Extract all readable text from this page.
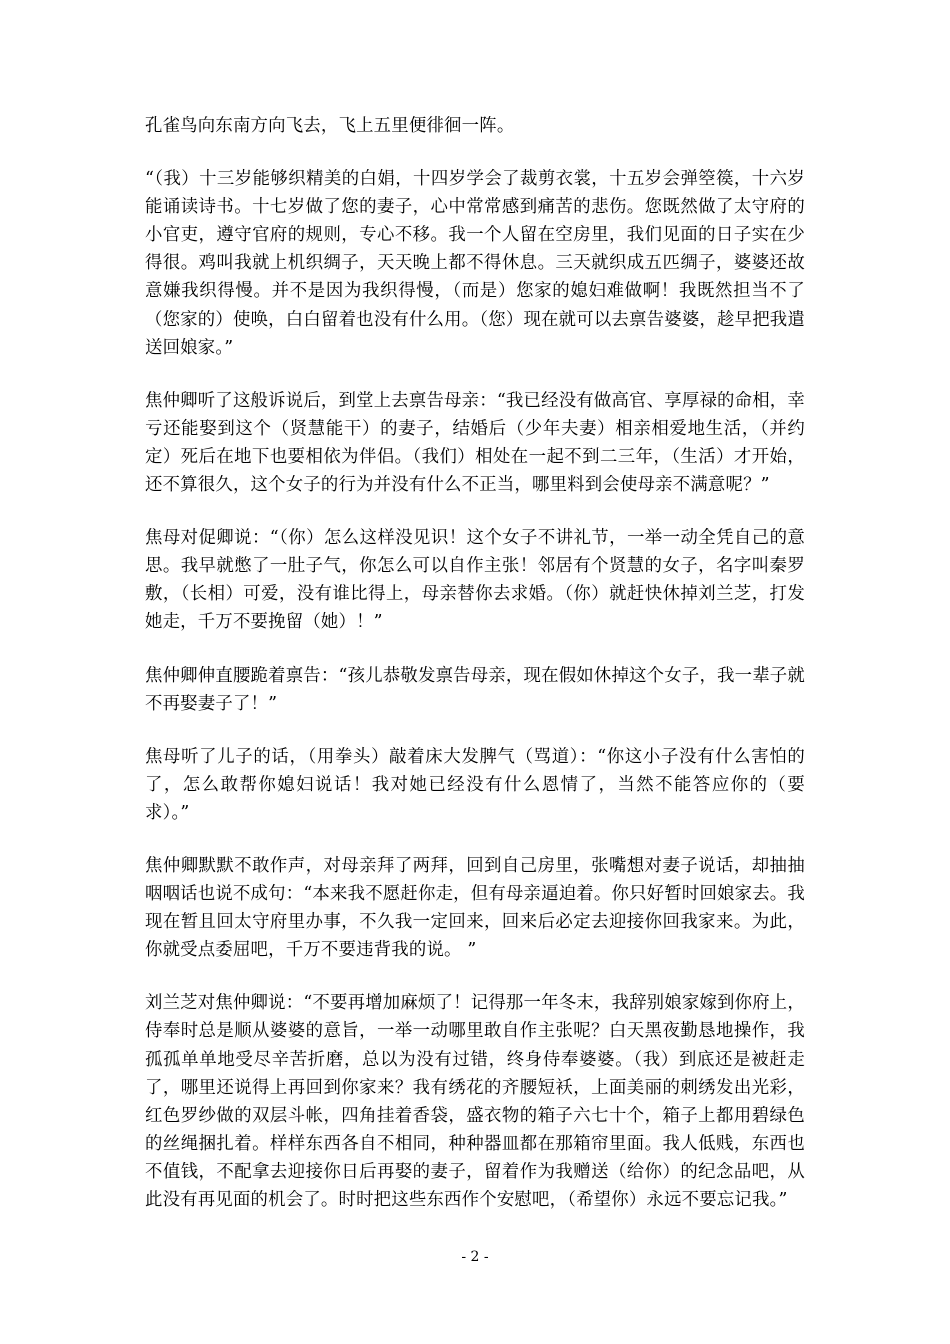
孔雀鸟向东南方向飞去，飞上五里便徘徊一阵。

“（我）十三岁能够织精美的白娟，十四岁学会了裁剪衣裳，十五岁会弹箜篌，十六岁能诵读诗书。十七岁做了您的妻子，心中常常感到痛苦的悲伤。您既然做了太守府的小官吏，遵守官府的规则，专心不移。我一个人留在空房里，我们见面的日子实在少得很。鸡叫我就上机织绸子，天天晚上都不得休息。三天就织成五匹绸子，婆婆还故意嫌我织得慢。并不是因为我织得慢，（而是）您家的媳妇难做啊！我既然担当不了（您家的）使唤，白白留着也没有什么用。（您）现在就可以去禀告婆婆，趁早把我遣送回娘家。”

焦仲卿听了这般诉说后，到堂上去禀告母亲：“我已经没有做高官、享厚禄的命相，幸亏还能娶到这个（贤慧能干）的妻子，结婚后（少年夫妻）相亲相爱地生活，（并约定）死后在地下也要相依为伴侣。（我们）相处在一起不到二三年，（生活）才开始，还不算很久，这个女子的行为并没有什么不正当，哪里料到会使母亲不满意呢？”

焦母对促卿说：“（你）怎么这样没见识！这个女子不讲礼节，一举一动全凭自己的意思。我早就憋了一肚子气，你怎么可以自作主张！邻居有个贤慧的女子，名字叫秦罗敷，（长相）可爱，没有谁比得上，母亲替你去求婚。（你）就赶快休掉刘兰芝，打发她走，千万不要挽留（她）！”

焦仲卿伸直腰跪着禀告：“孩儿恭敬发禀告母亲，现在假如休掉这个女子，我一辈子就不再娶妻子了！”

焦母听了儿子的话，（用拳头）敲着床大发脾气（骂道）：“你这小子没有什么害怕的了，怎么敢帮你媳妇说话！我对她已经没有什么恩情了，当然不能答应你的（要求）。”

焦仲卿默默不敢作声，对母亲拜了两拜，回到自己房里，张嘴想对妻子说话，却抽抽咽咽话也说不成句：“本来我不愿赶你走，但有母亲逼迫着。你只好暂时回娘家去。我现在暂且回太守府里办事，不久我一定回来，回来后必定去迎接你回我家来。为此，你就受点委屈吧，千万不要违背我的说。 ”

刘兰芝对焦仲卿说：“不要再增加麻烦了！记得那一年冬末，我辞别娘家嫁到你府上，侍奉时总是顺从婆婆的意旨，一举一动哪里敢自作主张呢？白天黑夜勤恳地操作，我孤孤单单地受尽辛苦折磨，总以为没有过错，终身侍奉婆婆。（我）到底还是被赶走了，哪里还说得上再回到你家来？我有绣花的齐腰短袄，上面美丽的刺绣发出光彩，红色罗纱做的双层斗帐，四角挂着香袋，盛衣物的箱子六七十个，箱子上都用碧绿色的丝绳捆扎着。样样东西各自不相同，种种器皿都在那箱帘里面。我人低贱，东西也不值钱，不配拿去迎接你日后再娶的妻子，留着作为我赠送（给你）的纪念品吧，从此没有再见面的机会了。时时把这些东西作个安慰吧，（希望你）永远不要忘记我。”

- 2 -
